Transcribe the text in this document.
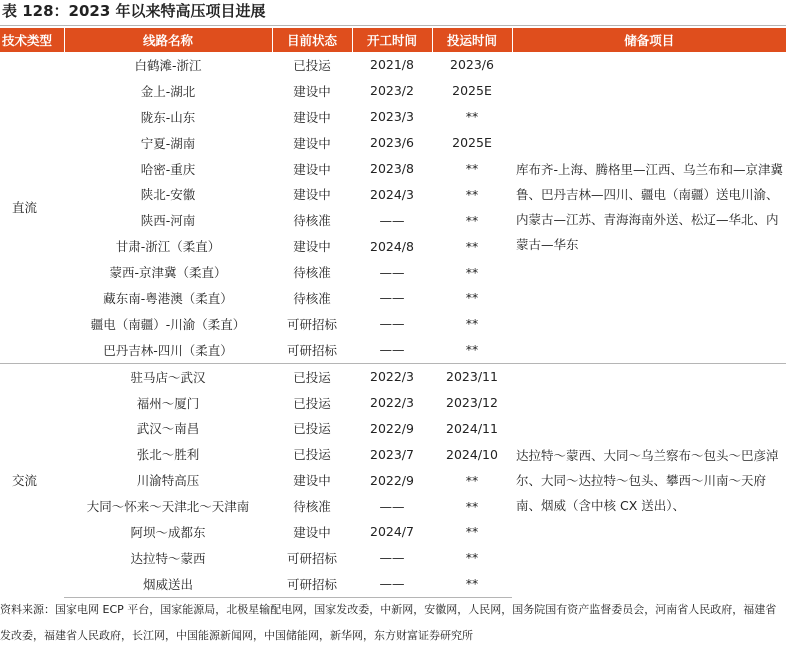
表 128：2023 年以来特高压项目进展
技术类型	线路名称	目前状态	开工时间	投运时间	储备项目
直流	白鹤滩-浙江	已投运	2021/8	2023/6	库布齐-上海、腾格里—江西、乌兰布和—京津冀鲁、巴丹吉林—四川、疆电（南疆）送电川渝、内蒙古—江苏、青海海南外送、松辽—华北、内蒙古—华东
	金上-湖北	建设中	2023/2	2025E	
	陇东-山东	建设中	2023/3	**	
	宁夏-湖南	建设中	2023/6	2025E	
	哈密-重庆	建设中	2023/8	**	
	陕北-安徽	建设中	2024/3	**	
	陕西-河南	待核准	——	**	
	甘肃-浙江（柔直）	建设中	2024/8	**	
	蒙西-京津冀（柔直）	待核准	——	**	
	藏东南-粤港澳（柔直）	待核准	——	**	
	疆电（南疆）-川渝（柔直）	可研招标	——	**	
	巴丹吉林-四川（柔直）	可研招标	——	**	
交流	驻马店～武汉	已投运	2022/3	2023/11	达拉特～蒙西、大同～乌兰察布～包头～巴彦淖尔、大同～达拉特～包头、攀西～川南～天府南、烟威（含中核 CX 送出）、
	福州～厦门	已投运	2022/3	2023/12	
	武汉～南昌	已投运	2022/9	2024/11	
	张北～胜利	已投运	2023/7	2024/10	
	川渝特高压	建设中	2022/9	**	
	大同～怀来～天津北～天津南	待核准	——	**	
	阿坝～成都东	建设中	2024/7	**	
	达拉特～蒙西	可研招标	——	**	
	烟威送出	可研招标	——	**	
资料来源：国家电网 ECP 平台，国家能源局，北极星输配电网，国家发改委，中新网，安徽网，人民网，国务院国有资产监督委员会，河南省人民政府，福建省发改委，福建省人民政府，长江网，中国能源新闻网，中国储能网，新华网，东方财富证券研究所
